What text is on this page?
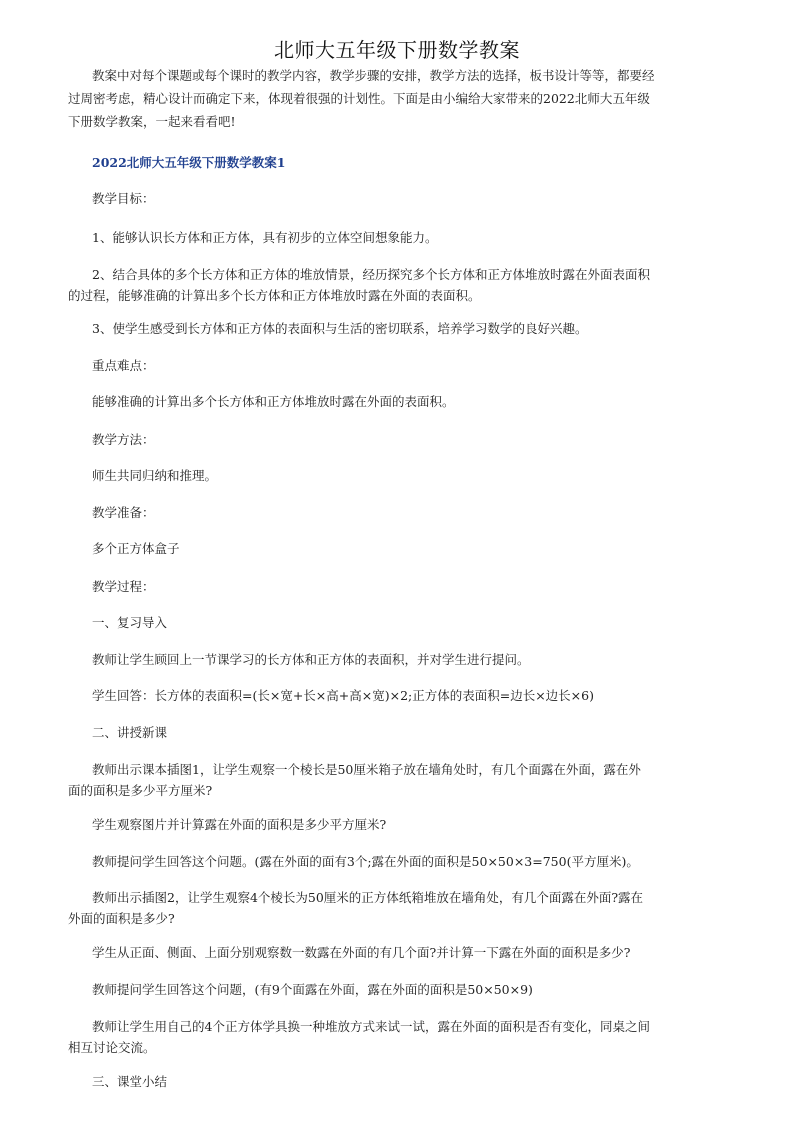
北师大五年级下册数学教案
教案中对每个课题或每个课时的教学内容，教学步骤的安排，教学方法的选择，板书设计等等，都要经
过周密考虑，精心设计而确定下来，体现着很强的计划性。下面是由小编给大家带来的2022北师大五年级
下册数学教案，一起来看看吧!
2022北师大五年级下册数学教案1
教学目标：
1、能够认识长方体和正方体，具有初步的立体空间想象能力。
2、结合具体的多个长方体和正方体的堆放情景，经历探究多个长方体和正方体堆放时露在外面表面积
的过程，能够准确的计算出多个长方体和正方体堆放时露在外面的表面积。
3、使学生感受到长方体和正方体的表面积与生活的密切联系，培养学习数学的良好兴趣。
重点难点：
能够准确的计算出多个长方体和正方体堆放时露在外面的表面积。
教学方法：
师生共同归纳和推理。
教学准备：
多个正方体盒子
教学过程：
一、复习导入
教师让学生顾回上一节课学习的长方体和正方体的表面积，并对学生进行提问。
学生回答：长方体的表面积=(长×宽+长×高+高×宽)×2;正方体的表面积=边长×边长×6)
二、讲授新课
教师出示课本插图1，让学生观察一个棱长是50厘米箱子放在墙角处时，有几个面露在外面，露在外
面的面积是多少平方厘米?
学生观察图片并计算露在外面的面积是多少平方厘米?
教师提问学生回答这个问题。(露在外面的面有3个;露在外面的面积是50×50×3=750(平方厘米)。
教师出示插图2，让学生观察4个棱长为50厘米的正方体纸箱堆放在墙角处，有几个面露在外面?露在
外面的面积是多少?
学生从正面、侧面、上面分别观察数一数露在外面的有几个面?并计算一下露在外面的面积是多少?
教师提问学生回答这个问题，(有9个面露在外面，露在外面的面积是50×50×9)
教师让学生用自己的4个正方体学具换一种堆放方式来试一试，露在外面的面积是否有变化，同桌之间
相互讨论交流。
三、课堂小结
